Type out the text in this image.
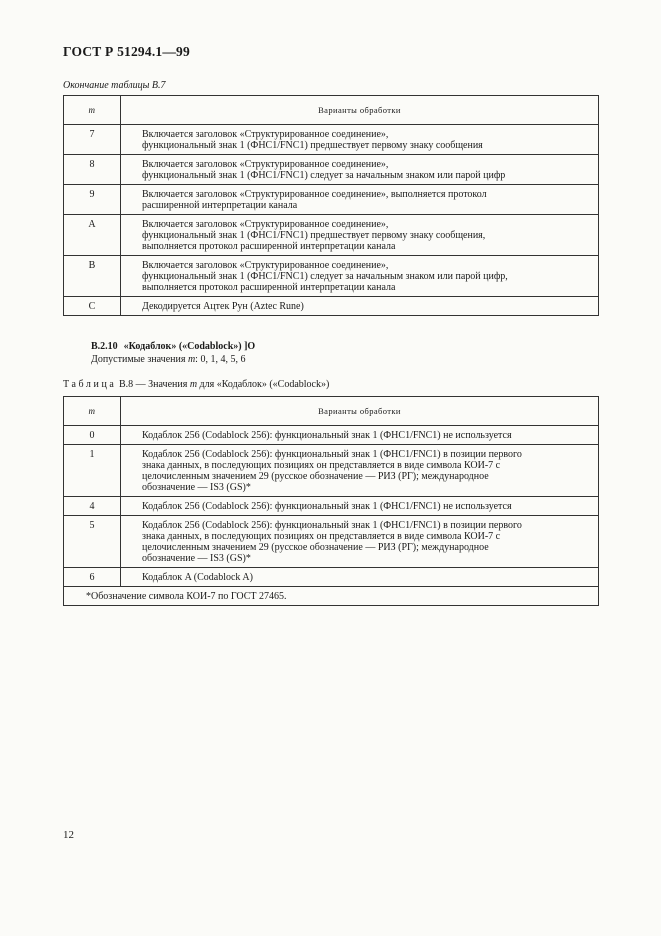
ГОСТ Р 51294.1—99
Окончание таблицы В.7
m	Варианты обработки
7	Включается заголовок «Структурированное соединение»,
функциональный знак 1 (ФНС1/FNC1) предшествует первому знаку сообщения

8	Включается заголовок «Структурированное соединение»,
функциональный знак 1 (ФНС1/FNC1) следует за начальным знаком или парой цифр

9	Включается заголовок «Структурированное соединение», выполняется протокол
расширенной интерпретации канала

A	Включается заголовок «Структурированное соединение»,
функциональный знак 1 (ФНС1/FNC1) предшествует первому знаку сообщения,
выполняется протокол расширенной интерпретации канала

B	Включается заголовок «Структурированное соединение»,
функциональный знак 1 (ФНС1/FNC1) следует за начальным знаком или парой цифр,
выполняется протокол расширенной интерпретации канала

C	Декодируется Ацтек Рун (Aztec Rune)
B.2.10 «Кодаблок» («Codablock») ]O
Допустимые значения m: 0, 1, 4, 5, 6
Таблица B.8 — Значения m для «Кодаблок» («Codablock»)
m	Варианты обработки
0	Кодаблок 256 (Codablock 256): функциональный знак 1 (ФНС1/FNC1) не используется

1	Кодаблок 256 (Codablock 256): функциональный знак 1 (ФНС1/FNC1) в позиции первого
знака данных, в последующих позициях он представляется в виде символа КОИ-7 с
целочисленным значением 29 (русское обозначение — РИЗ (РГ); международное
обозначение — IS3 (GS)*

4	Кодаблок 256 (Codablock 256): функциональный знак 1 (ФНС1/FNC1) не используется

5	Кодаблок 256 (Codablock 256): функциональный знак 1 (ФНС1/FNC1) в позиции первого
знака данных, в последующих позициях он представляется в виде символа КОИ-7 с
целочисленным значением 29 (русское обозначение — РИЗ (РГ); международное
обозначение — IS3 (GS)*

6	Кодаблок A (Codablock A)

*Обозначение символа КОИ-7 по ГОСТ 27465.	
12
